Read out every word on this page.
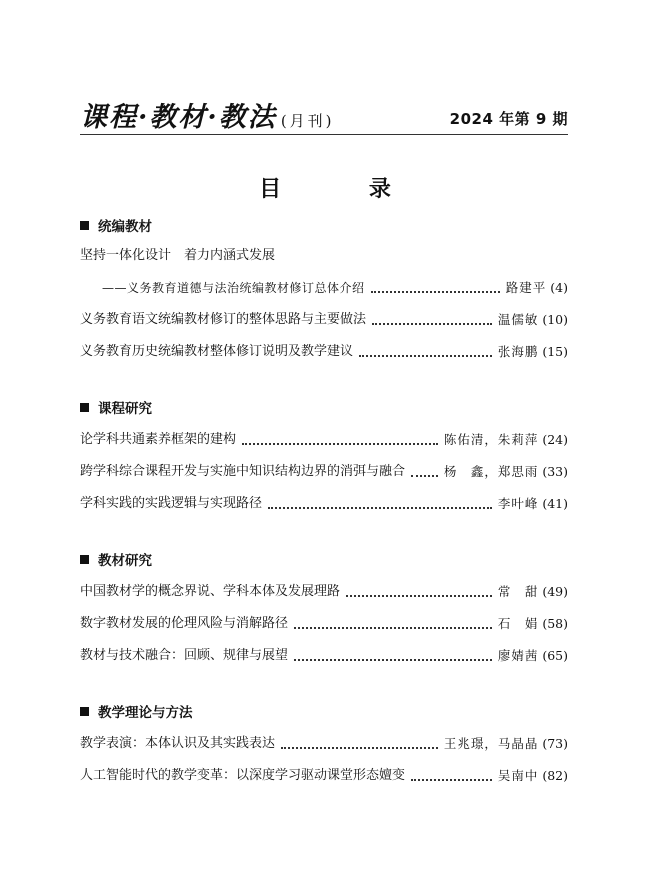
课程·教材·教法 (月刊)	2024 年第 9 期
目 录
统编教材
坚持一体化设计　着力内涵式发展
——义务教育道德与法治统编教材修订总体介绍	路建平 (4)
义务教育语文统编教材修订的整体思路与主要做法	温儒敏 (10)
义务教育历史统编教材整体修订说明及教学建议	张海鹏 (15)
课程研究
论学科共通素养框架的建构	陈佑清，朱莉萍 (24)
跨学科综合课程开发与实施中知识结构边界的消弭与融合	杨　鑫，郑思雨 (33)
学科实践的实践逻辑与实现路径	李叶峰 (41)
教材研究
中国教材学的概念界说、学科本体及发展理路	常　甜 (49)
数字教材发展的伦理风险与消解路径	石　娟 (58)
教材与技术融合：回顾、规律与展望	廖婧茜 (65)
教学理论与方法
教学表演：本体认识及其实践表达	王兆璟，马晶晶 (73)
人工智能时代的教学变革：以深度学习驱动课堂形态嬗变	吴南中 (82)
